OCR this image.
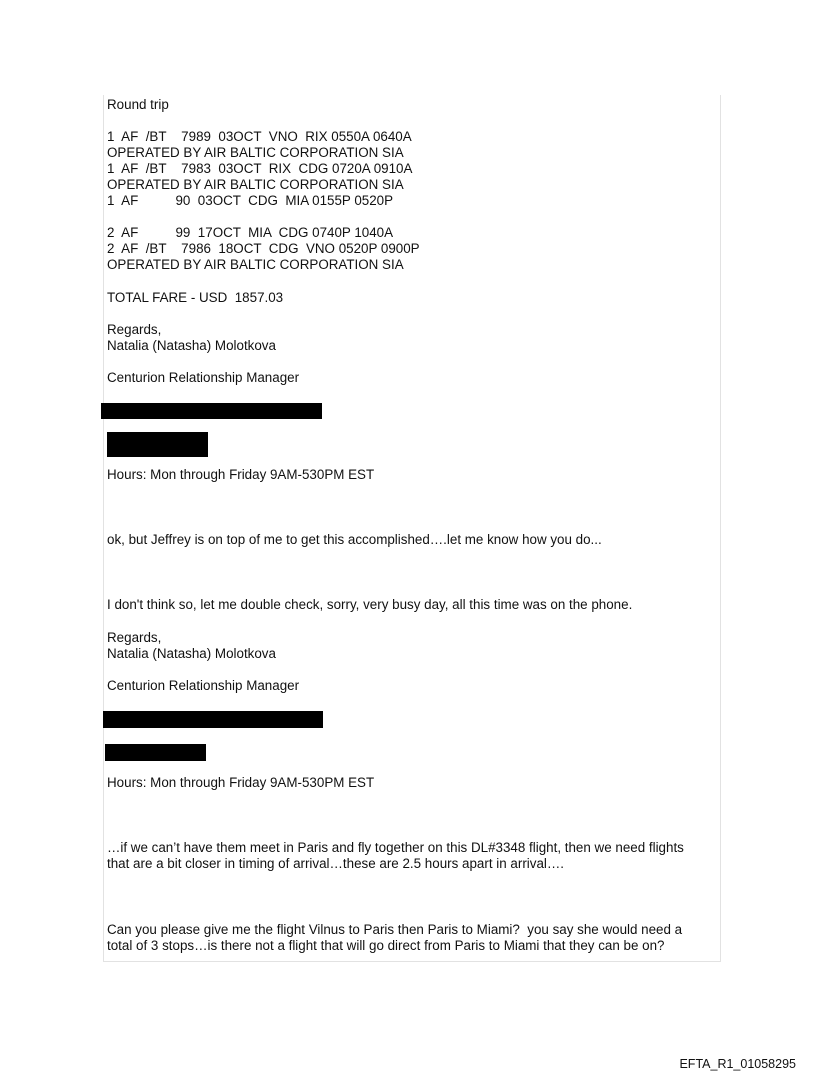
Round trip
1  AF  /BT    7989  03OCT  VNO  RIX 0550A 0640A
OPERATED BY AIR BALTIC CORPORATION SIA
1  AF  /BT    7983  03OCT  RIX  CDG 0720A 0910A
OPERATED BY AIR BALTIC CORPORATION SIA
1  AF          90  03OCT  CDG  MIA 0155P 0520P
2  AF          99  17OCT  MIA  CDG 0740P 1040A
2  AF  /BT    7986  18OCT  CDG  VNO 0520P 0900P
OPERATED BY AIR BALTIC CORPORATION SIA
TOTAL FARE - USD  1857.03
Regards,
Natalia (Natasha) Molotkova
Centurion Relationship Manager
Hours: Mon through Friday 9AM-530PM EST
ok, but Jeffrey is on top of me to get this accomplished….let me know how you do...
I don't think so, let me double check, sorry, very busy day, all this time was on the phone.
Regards,
Natalia (Natasha) Molotkova
Centurion Relationship Manager
Hours: Mon through Friday 9AM-530PM EST
…if we can’t have them meet in Paris and fly together on this DL#3348 flight, then we need flights
that are a bit closer in timing of arrival…these are 2.5 hours apart in arrival….
Can you please give me the flight Vilnus to Paris then Paris to Miami?  you say she would need a
total of 3 stops…is there not a flight that will go direct from Paris to Miami that they can be on?
EFTA_R1_01058295
